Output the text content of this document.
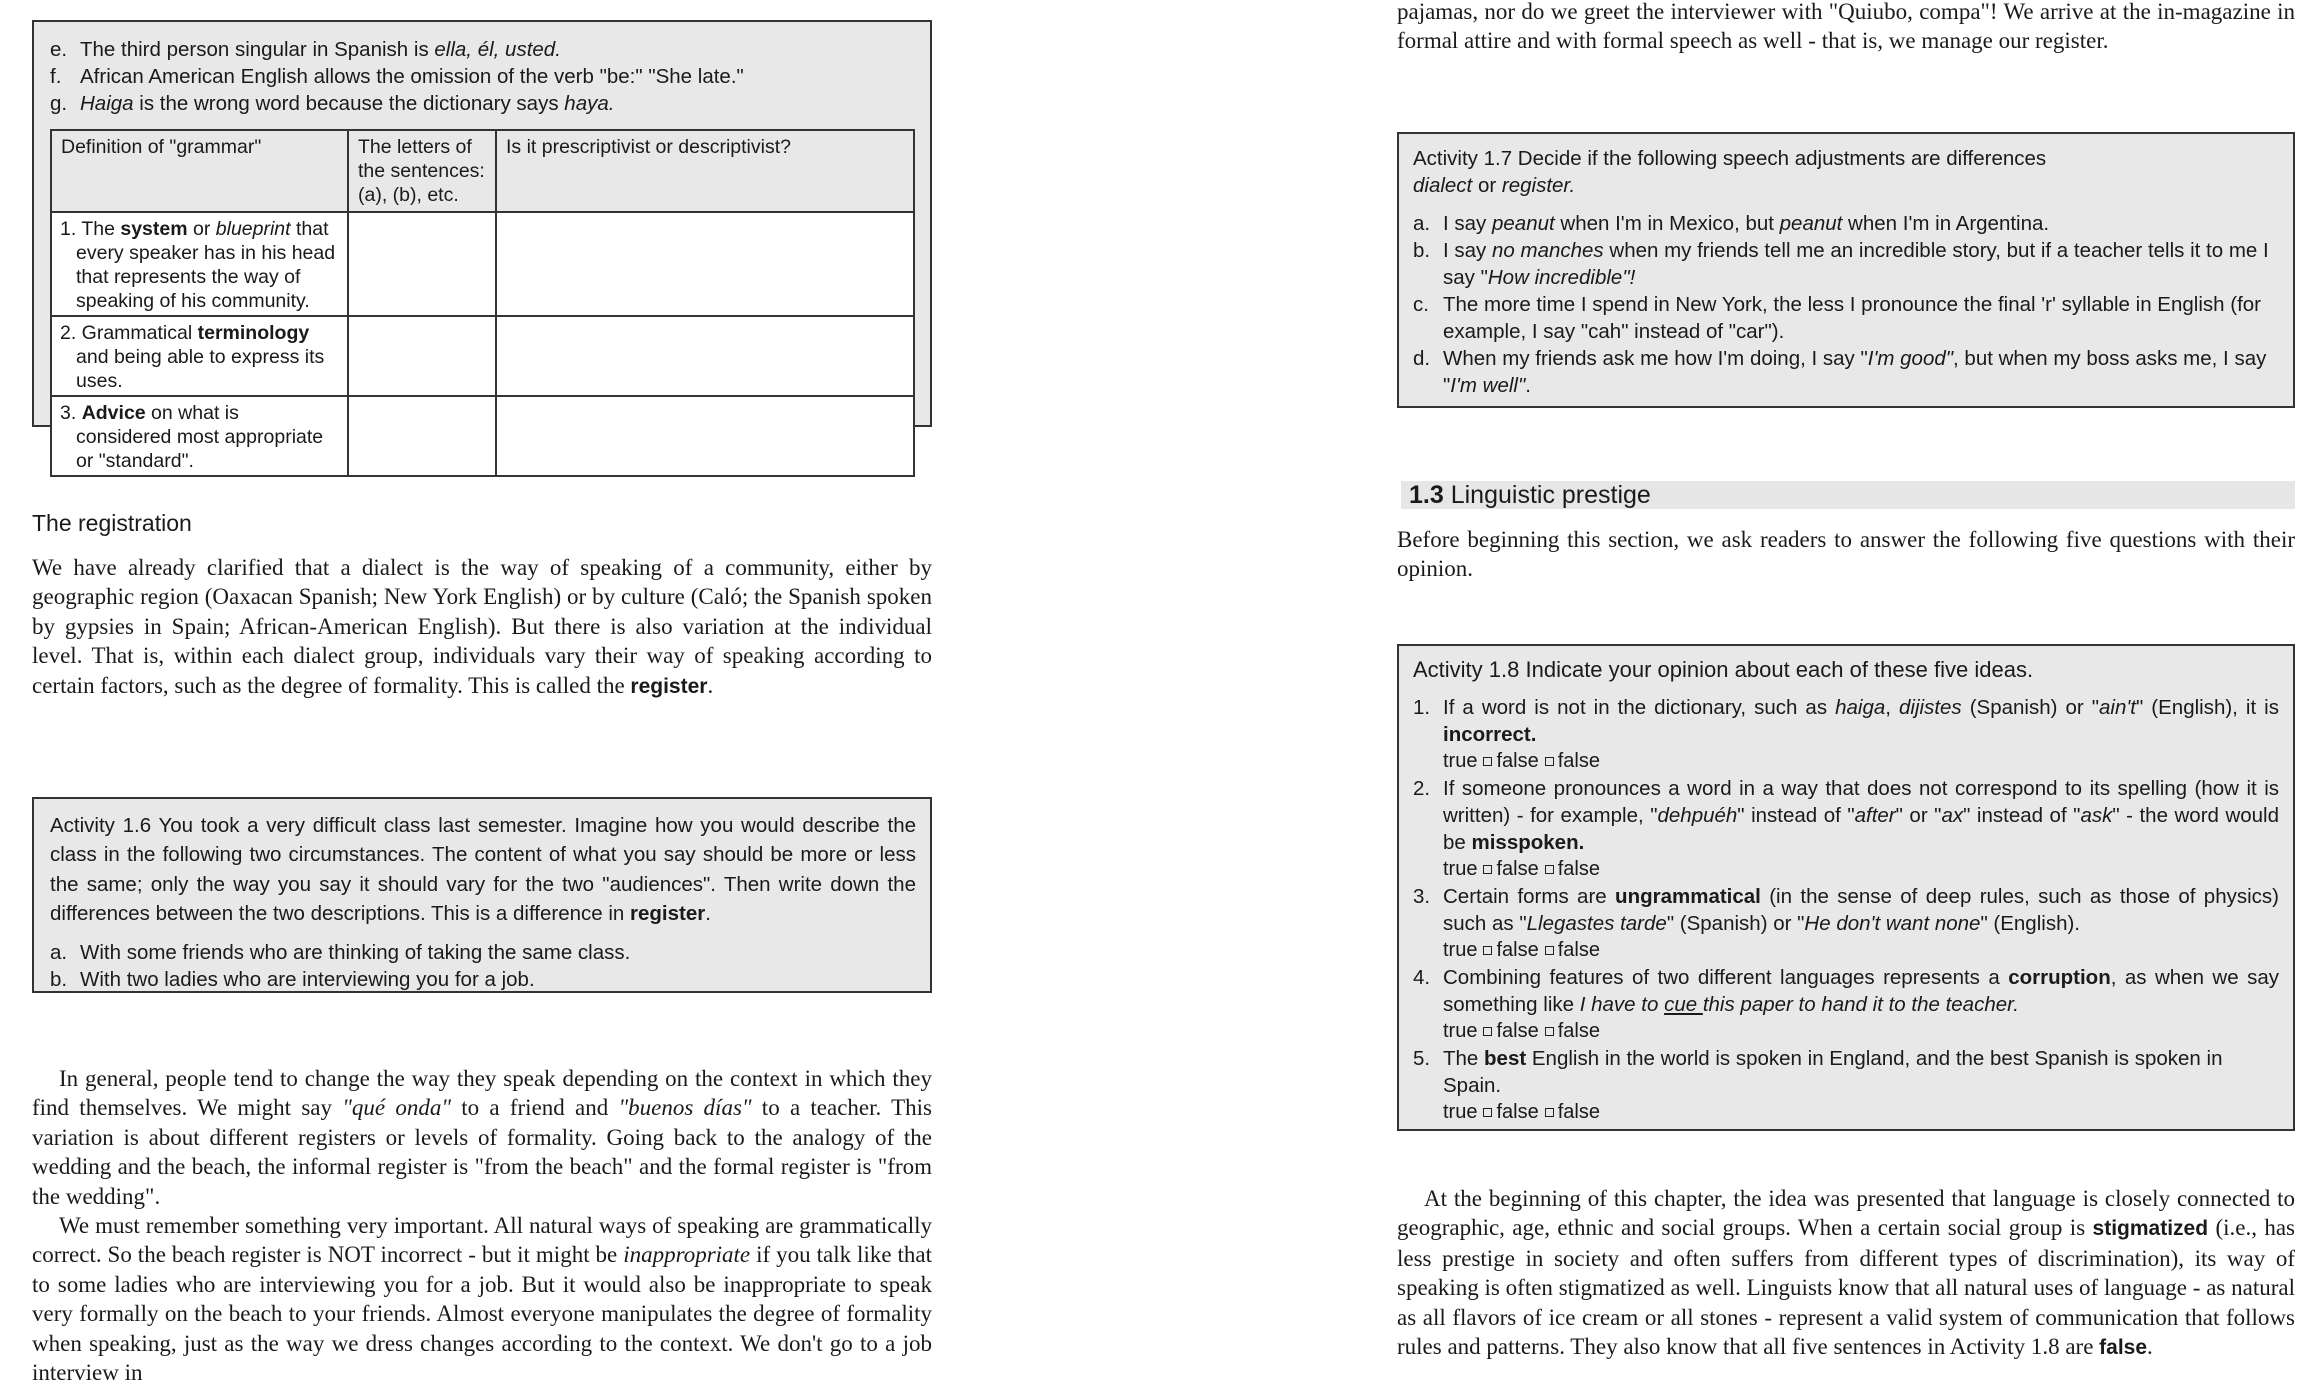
e. The third person singular in Spanish is ella, él, usted.
f. African American English allows the omission of the verb "be:" "She late."
g. Haiga is the wrong word because the dictionary says haya.
Definition of "grammar"	The letters of the sentences: (a), (b), etc.	Is it prescriptivist or descriptivist?
1. The system or blueprint that every speaker has in his head that represents the way of speaking of his community.		
2. Grammatical terminology and being able to express its uses.		
3. Advice on what is considered most appropriate or "standard".		
The registration

We have already clarified that a dialect is the way of speaking of a community, either by geographic region (Oaxacan Spanish; New York English) or by culture (Caló; the Spanish spoken by gypsies in Spain; African-American English). But there is also variation at the individual level. That is, within each dialect group, individuals vary their way of speaking according to certain factors, such as the degree of formality. This is called the register.

Activity 1.6 You took a very difficult class last semester. Imagine how you would describe the class in the following two circumstances. The content of what you say should be more or less the same; only the way you say it should vary for the two "audiences". Then write down the differences between the two descriptions. This is a difference in register.
a. With some friends who are thinking of taking the same class.
b. With two ladies who are interviewing you for a job.

In general, people tend to change the way they speak depending on the context in which they find themselves. We might say "qué onda" to a friend and "buenos días" to a teacher. This variation is about different registers or levels of formality. Going back to the analogy of the wedding and the beach, the informal register is "from the beach" and the formal register is "from the wedding".

We must remember something very important. All natural ways of speaking are grammatically correct. So the beach register is NOT incorrect - but it might be inappropriate if you talk like that to some ladies who are interviewing you for a job. But it would also be inappropriate to speak very formally on the beach to your friends. Almost everyone manipulates the degree of formality when speaking, just as the way we dress changes according to the context. We don't go to a job interview in

pajamas, nor do we greet the interviewer with "Quiubo, compa"! We arrive at the in-magazine in formal attire and with formal speech as well - that is, we manage our register.

Activity 1.7 Decide if the following speech adjustments are differences
dialect or register.
a. I say peanut when I'm in Mexico, but peanut when I'm in Argentina.
b. I say no manches when my friends tell me an incredible story, but if a teacher tells it to me I say "How incredible"!
c. The more time I spend in New York, the less I pronounce the final 'r' syllable in English (for example, I say "cah" instead of "car").
d. When my friends ask me how I'm doing, I say "I'm good", but when my boss asks me, I say "I'm well".
1.3 Linguistic prestige

Before beginning this section, we ask readers to answer the following five questions with their opinion.

Activity 1.8 Indicate your opinion about each of these five ideas.
1. If a word is not in the dictionary, such as haiga, dijistes (Spanish) or "ain't" (English), it is incorrect.
true false false
2. If someone pronounces a word in a way that does not correspond to its spelling (how it is written) - for example, "dehpuéh" instead of "after" or "ax" instead of "ask" - the word would be misspoken.
true false false
3. Certain forms are ungrammatical (in the sense of deep rules, such as those of physics) such as "Llegastes tarde" (Spanish) or "He don't want none" (English).
true false false
4. Combining features of two different languages represents a corruption, as when we say something like I have to cue this paper to hand it to the teacher.
true false false
5. The best English in the world is spoken in England, and the best Spanish is spoken in Spain.
true false false

At the beginning of this chapter, the idea was presented that language is closely connected to geographic, age, ethnic and social groups. When a certain social group is stigmatized (i.e., has less prestige in society and often suffers from different types of discrimination), its way of speaking is often stigmatized as well. Linguists know that all natural uses of language - as natural as all flavors of ice cream or all stones - represent a valid system of communication that follows rules and patterns. They also know that all five sentences in Activity 1.8 are false.
